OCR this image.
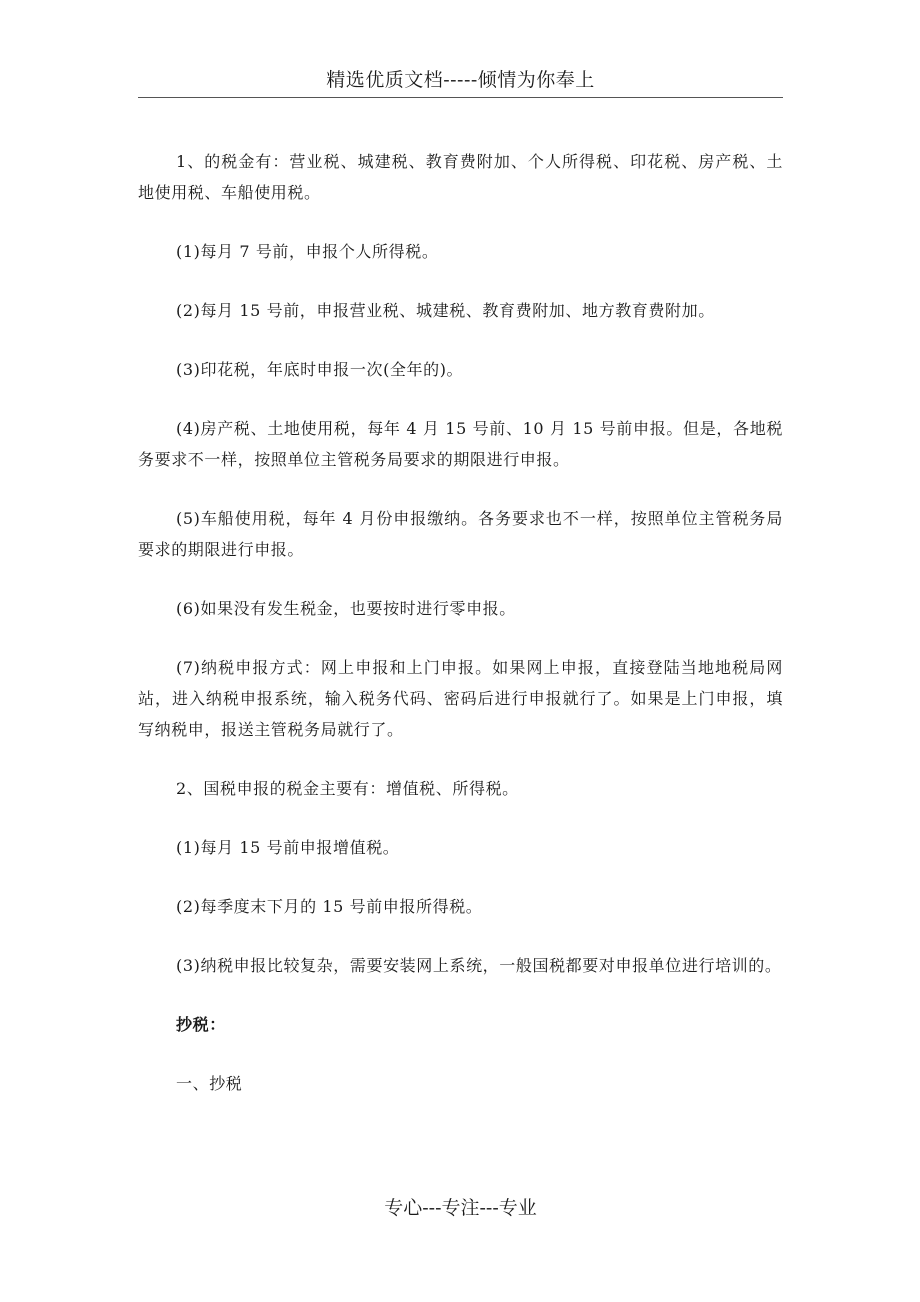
精选优质文档-----倾情为你奉上

1、的税金有：营业税、城建税、教育费附加、个人所得税、印花税、房产税、土地使用税、车船使用税。

(1)每月 7 号前，申报个人所得税。

(2)每月 15 号前，申报营业税、城建税、教育费附加、地方教育费附加。

(3)印花税，年底时申报一次(全年的)。

(4)房产税、土地使用税，每年 4 月 15 号前、10 月 15 号前申报。但是，各地税务要求不一样，按照单位主管税务局要求的期限进行申报。

(5)车船使用税，每年 4 月份申报缴纳。各务要求也不一样，按照单位主管税务局要求的期限进行申报。

(6)如果没有发生税金，也要按时进行零申报。

(7)纳税申报方式：网上申报和上门申报。如果网上申报，直接登陆当地地税局网站，进入纳税申报系统，输入税务代码、密码后进行申报就行了。如果是上门申报，填写纳税申，报送主管税务局就行了。

2、国税申报的税金主要有：增值税、所得税。

(1)每月 15 号前申报增值税。

(2)每季度末下月的 15 号前申报所得税。

(3)纳税申报比较复杂，需要安装网上系统，一般国税都要对申报单位进行培训的。

抄税：

一、抄税

专心---专注---专业
